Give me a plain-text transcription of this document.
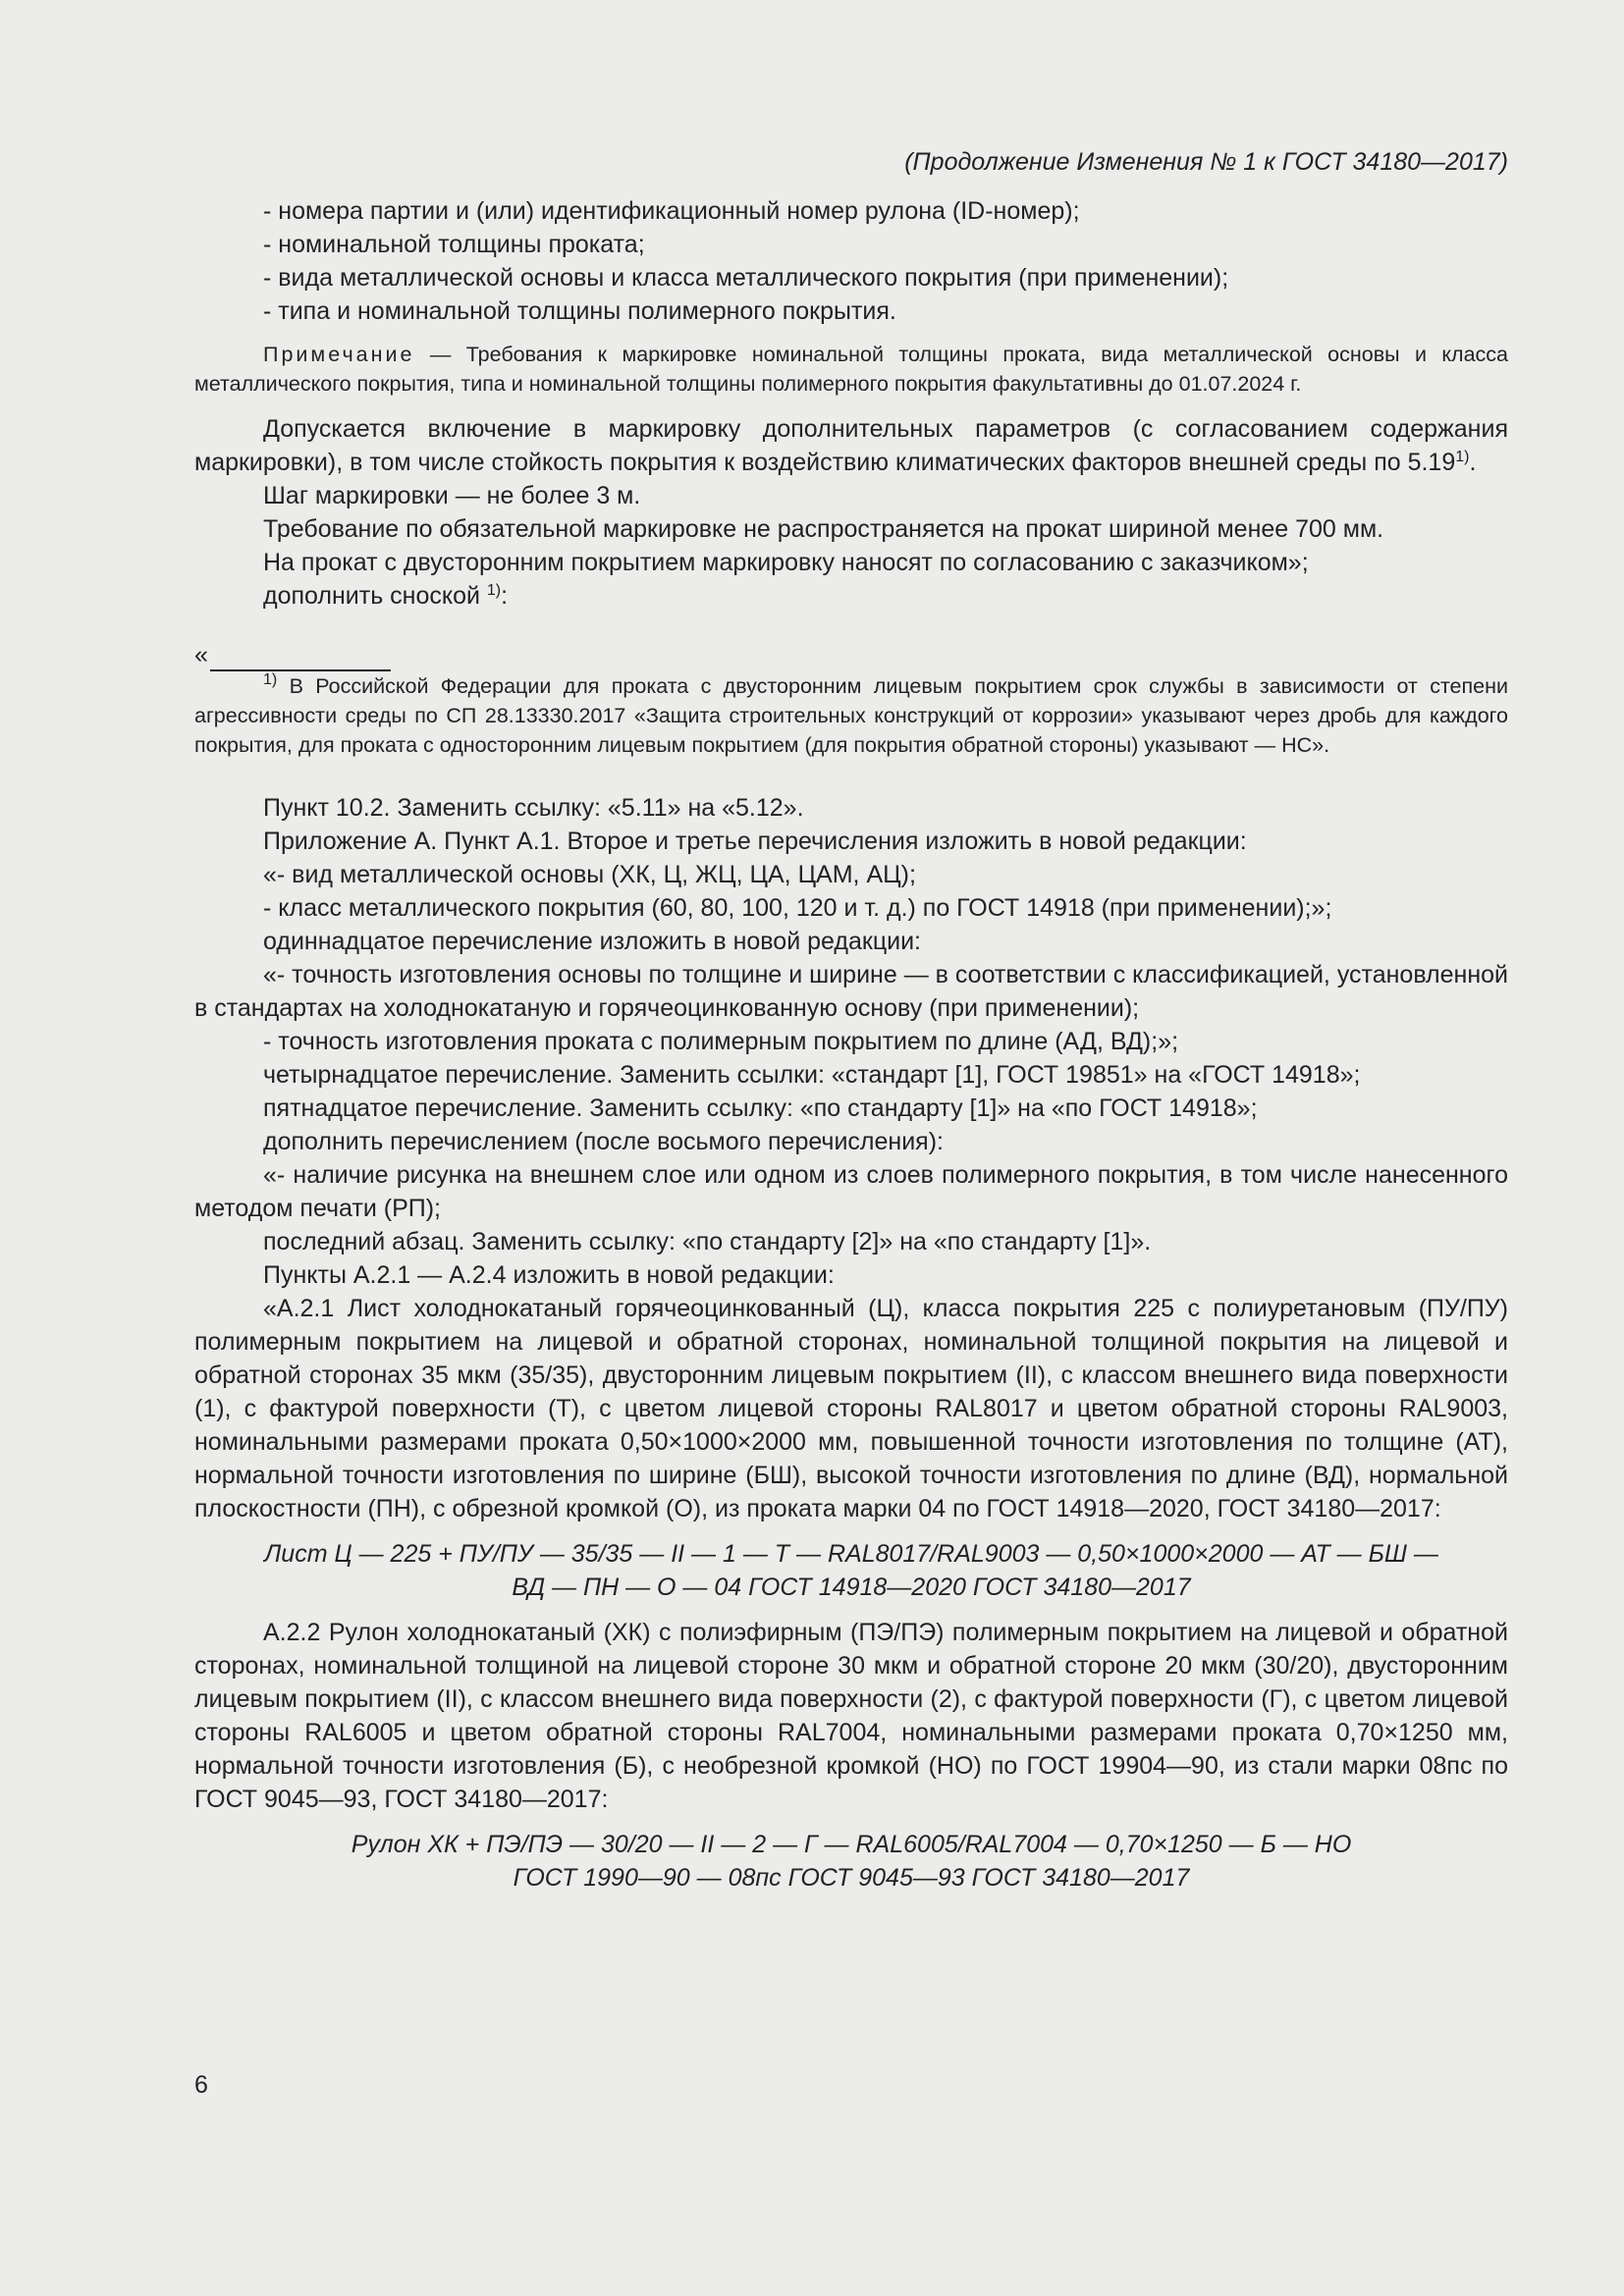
(Продолжение Изменения № 1 к ГОСТ 34180—2017)

- номера партии и (или) идентификационный номер рулона (ID-номер);

- номинальной толщины проката;

- вида металлической основы и класса металлического покрытия (при применении);

- типа и номинальной толщины полимерного покрытия.

Примечание — Требования к маркировке номинальной толщины проката, вида металлической основы и класса металлического покрытия, типа и номинальной толщины полимерного покрытия факультативны до 01.07.2024 г.

Допускается включение в маркировку дополнительных параметров (с согласованием содержания маркировки), в том числе стойкость покрытия к воздействию климатических факторов внешней среды по 5.19$^{1)}$.

Шаг маркировки — не более 3 м.

Требование по обязательной маркировке не распространяется на прокат шириной менее 700 мм.

На прокат с двусторонним покрытием маркировку наносят по согласованию с заказчиком»;

дополнить сноской $^{1)}$:

«

$^{1)}$ В Российской Федерации для проката с двусторонним лицевым покрытием срок службы в зависимости от степени агрессивности среды по СП 28.13330.2017 «Защита строительных конструкций от коррозии» указывают через дробь для каждого покрытия, для проката с односторонним лицевым покрытием (для покрытия обратной стороны) указывают — НС».

Пункт 10.2. Заменить ссылку: «5.11» на «5.12».

Приложение А. Пункт А.1. Второе и третье перечисления изложить в новой редакции:

«- вид металлической основы (ХК, Ц, ЖЦ, ЦА, ЦАМ, АЦ);

- класс металлического покрытия (60, 80, 100, 120 и т. д.) по ГОСТ 14918 (при применении);»;

одиннадцатое перечисление изложить в новой редакции:

«- точность изготовления основы по толщине и ширине — в соответствии с классификацией, установленной в стандартах на холоднокатаную и горячеоцинкованную основу (при применении);

- точность изготовления проката с полимерным покрытием по длине (АД, ВД);»;

четырнадцатое перечисление. Заменить ссылки: «стандарт [1], ГОСТ 19851» на «ГОСТ 14918»;

пятнадцатое перечисление. Заменить ссылку: «по стандарту [1]» на «по ГОСТ 14918»;

дополнить перечислением (после восьмого перечисления):

«- наличие рисунка на внешнем слое или одном из слоев полимерного покрытия, в том числе нанесенного методом печати (РП);

последний абзац. Заменить ссылку: «по стандарту [2]» на «по стандарту [1]».

Пункты А.2.1 — А.2.4 изложить в новой редакции:

«А.2.1 Лист холоднокатаный горячеоцинкованный (Ц), класса покрытия 225 с полиуретановым (ПУ/ПУ) полимерным покрытием на лицевой и обратной сторонах, номинальной толщиной покрытия на лицевой и обратной сторонах 35 мкм (35/35), двусторонним лицевым покрытием (II), с классом внешнего вида поверхности (1), с фактурой поверхности (Т), с цветом лицевой стороны RAL8017 и цветом обратной стороны RAL9003, номинальными размерами проката 0,50×1000×2000 мм, повышенной точности изготовления по толщине (АТ), нормальной точности изготовления по ширине (БШ), высокой точности изготовления по длине (ВД), нормальной плоскостности (ПН), с обрезной кромкой (О), из проката марки 04 по ГОСТ 14918—2020, ГОСТ 34180—2017:

Лист Ц — 225 + ПУ/ПУ — 35/35 — II — 1 — Т — RAL8017/RAL9003 — 0,50×1000×2000 — АТ — БШ —

ВД — ПН — О — 04 ГОСТ 14918—2020 ГОСТ 34180—2017

А.2.2 Рулон холоднокатаный (ХК) с полиэфирным (ПЭ/ПЭ) полимерным покрытием на лицевой и обратной сторонах, номинальной толщиной на лицевой стороне 30 мкм и обратной стороне 20 мкм (30/20), двусторонним лицевым покрытием (II), с классом внешнего вида поверхности (2), с фактурой поверхности (Г), с цветом лицевой стороны RAL6005 и цветом обратной стороны RAL7004, номинальными размерами проката 0,70×1250 мм, нормальной точности изготовления (Б), с необрезной кромкой (НО) по ГОСТ 19904—90, из стали марки 08пс по ГОСТ 9045—93, ГОСТ 34180—2017:

Рулон ХК + ПЭ/ПЭ — 30/20 — II — 2 — Г — RAL6005/RAL7004 — 0,70×1250 — Б — НО

ГОСТ 1990—90 — 08пс ГОСТ 9045—93 ГОСТ 34180—2017

6
